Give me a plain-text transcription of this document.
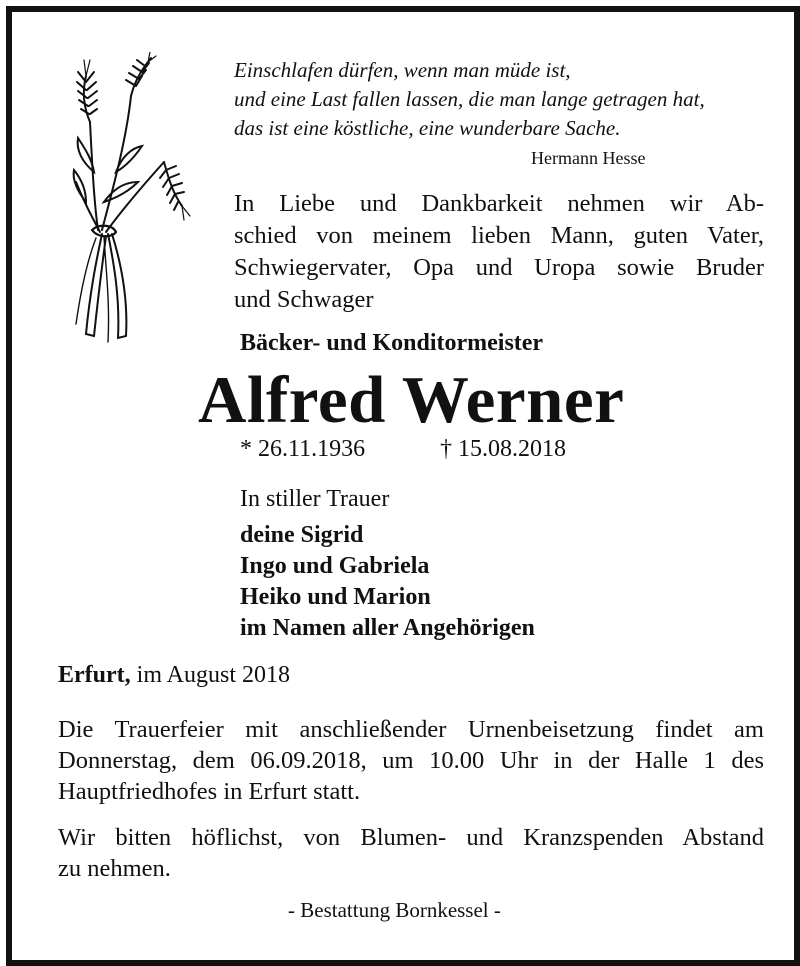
Einschlafen dürfen, wenn man müde ist,
und eine Last fallen lassen, die man lange getragen hat,
das ist eine köstliche, eine wunderbare Sache.
Hermann Hesse
In Liebe und Dankbarkeit nehmen wir Ab-
schied von meinem lieben Mann, guten Vater,
Schwiegervater, Opa und Uropa sowie Bruder
und Schwager
Bäcker- und Konditormeister
Alfred Werner
* 26.11.1936	† 15.08.2018
In stiller Trauer
deine Sigrid
Ingo und Gabriela
Heiko und Marion
im Namen aller Angehörigen
Erfurt, im August 2018
Die Trauerfeier mit anschließender Urnenbeisetzung findet am
Donnerstag, dem 06.09.2018, um 10.00 Uhr in der Halle 1 des
Hauptfriedhofes in Erfurt statt.
Wir bitten höflichst, von Blumen- und Kranzspenden Abstand
zu nehmen.
- Bestattung Bornkessel -
